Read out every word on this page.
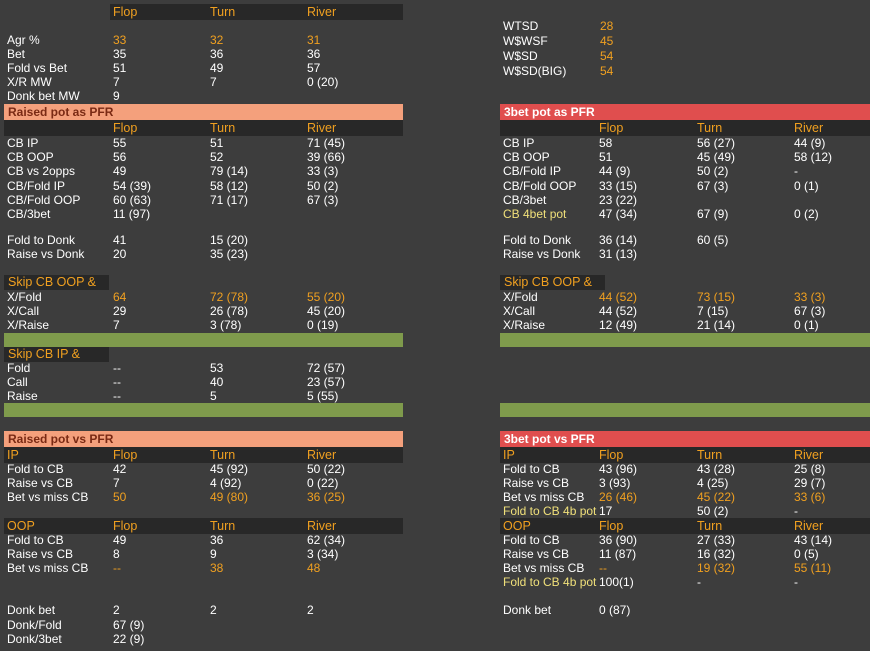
Flop	Turn	River
Agr %	33	32	31
Bet	35	36	36
Fold vs Bet	51	49	57
X/R MW	7	7	0 (20)
Donk bet MW	9
WTSD	28
W$WSF	45
W$SD	54
W$SD(BIG)	54
Raised pot as PFR
Flop	Turn	River
CB IP	55	51	71 (45)
CB OOP	56	52	39 (66)
CB vs 2opps	49	79 (14)	33 (3)
CB/Fold IP	54 (39)	58 (12)	50 (2)
CB/Fold OOP	60 (63)	71 (17)	67 (3)
CB/3bet	11 (97)
Fold to Donk	41	15 (20)
Raise vs Donk 20	35 (23)
Skip CB OOP &
X/Fold	64	72 (78)	55 (20)
X/Call	29	26 (78)	45 (20)
X/Raise	7	3 (78)	0 (19)
Skip CB IP &
Fold	--	53	72 (57)
Call	--	40	23 (57)
Raise	--	5	5 (55)
3bet pot as PFR
Flop	Turn	River
CB IP	58	56 (27)	44 (9)
CB OOP	51	45 (49)	58 (12)
CB/Fold IP	44 (9)	50 (2)	-
CB/Fold OOP 33 (15)	67 (3)	0 (1)
CB/3bet	23 (22)
CB 4bet pot	47 (34)	67 (9)	0 (2)
Fold to Donk 36 (14)	60 (5)
Raise vs Donk 31 (13)
Skip CB OOP &
X/Fold	44 (52)	73 (15)	33 (3)
X/Call	44 (52)	7 (15)	67 (3)
X/Raise	12 (49)	21 (14)	0 (1)
Raised pot vs PFR
IP	Flop	Turn	River
Fold to CB	42	45 (92)	50 (22)
Raise vs CB	7	4 (92)	0 (22)
Bet vs miss CB 50	49 (80)	36 (25)
OOP	Flop	Turn	River
Fold to CB	49	36	62 (34)
Raise vs CB	8	9	3 (34)
Bet vs miss CB --	38	48
Donk bet	2	2	2
Donk/Fold	67 (9)
Donk/3bet	22 (9)
3bet pot vs PFR
IP	Flop	Turn	River
Fold to CB	43 (96)	43 (28)	25 (8)
Raise vs CB 3 (93)	4 (25)	29 (7)
Bet vs miss CB 26 (46)	45 (22)	33 (6)
Fold to CB 4b pot 17	50 (2)	-
OOP	Flop	Turn	River
Fold to CB	36 (90)	27 (33)	43 (14)
Raise vs CB 11 (87)	16 (32)	0 (5)
Bet vs miss CB --	19 (32)	55 (11)
Fold to CB 4b pot 100(1)	-	-
Donk bet	0 (87)
